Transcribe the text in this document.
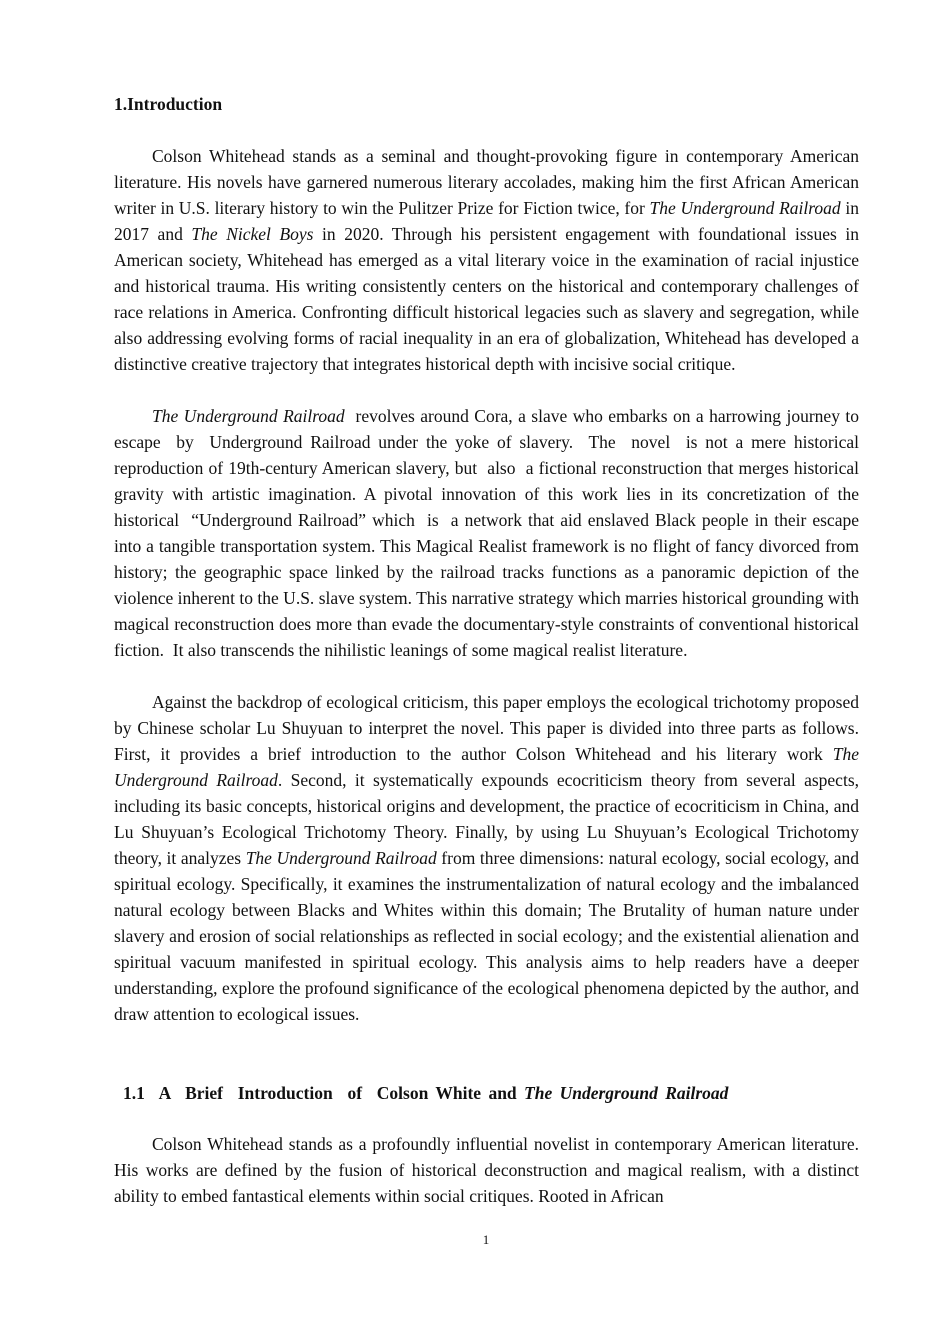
1.Introduction

Colson Whitehead stands as a seminal and thought-provoking figure in contemporary American literature. His novels have garnered numerous literary accolades, making him the first African American writer in U.S. literary history to win the Pulitzer Prize for Fiction twice, for The Underground Railroad in 2017 and The Nickel Boys in 2020. Through his persistent engagement with foundational issues in American society, Whitehead has emerged as a vital literary voice in the examination of racial injustice and historical trauma. His writing consistently centers on the historical and contemporary challenges of race relations in America. Confronting difficult historical legacies such as slavery and segregation, while also addressing evolving forms of racial inequality in an era of globalization, Whitehead has developed a distinctive creative trajectory that integrates historical depth with incisive social critique.

The Underground Railroad  revolves around Cora, a slave who embarks on a harrowing journey to escape  by  Underground Railroad under the yoke of slavery.  The  novel  is not a mere historical reproduction of 19th-century American slavery, but  also  a fictional reconstruction that merges historical gravity with artistic imagination. A pivotal innovation of this work lies in its concretization of the historical  “Underground Railroad” which  is  a network that aid enslaved Black people in their escape into a tangible transportation system. This Magical Realist framework is no flight of fancy divorced from history; the geographic space linked by the railroad tracks functions as a panoramic depiction of the violence inherent to the U.S. slave system. This narrative strategy which marries historical grounding with magical reconstruction does more than evade the documentary-style constraints of conventional historical fiction.  It also transcends the nihilistic leanings of some magical realist literature.

Against the backdrop of ecological criticism, this paper employs the ecological trichotomy proposed by Chinese scholar Lu Shuyuan to interpret the novel. This paper is divided into three parts as follows. First, it provides a brief introduction to the author Colson Whitehead and his literary work The Underground Railroad. Second, it systematically expounds ecocriticism theory from several aspects, including its basic concepts, historical origins and development, the practice of ecocriticism in China, and Lu Shuyuan’s Ecological Trichotomy Theory. Finally, by using Lu Shuyuan’s Ecological Trichotomy theory, it analyzes The Underground Railroad from three dimensions: natural ecology, social ecology, and spiritual ecology. Specifically, it examines the instrumentalization of natural ecology and the imbalanced natural ecology between Blacks and Whites within this domain; The Brutality of human nature under slavery and erosion of social relationships as reflected in social ecology; and the existential alienation and spiritual vacuum manifested in spiritual ecology. This analysis aims to help readers have a deeper understanding, explore the profound significance of the ecological phenomena depicted by the author, and draw attention to ecological issues.

1.1  A  Brief  Introduction  of  Colson White and The Underground Railroad

Colson Whitehead stands as a profoundly influential novelist in contemporary American literature. His works are defined by the fusion of historical deconstruction and magical realism, with a distinct ability to embed fantastical elements within social critiques. Rooted in African

1
